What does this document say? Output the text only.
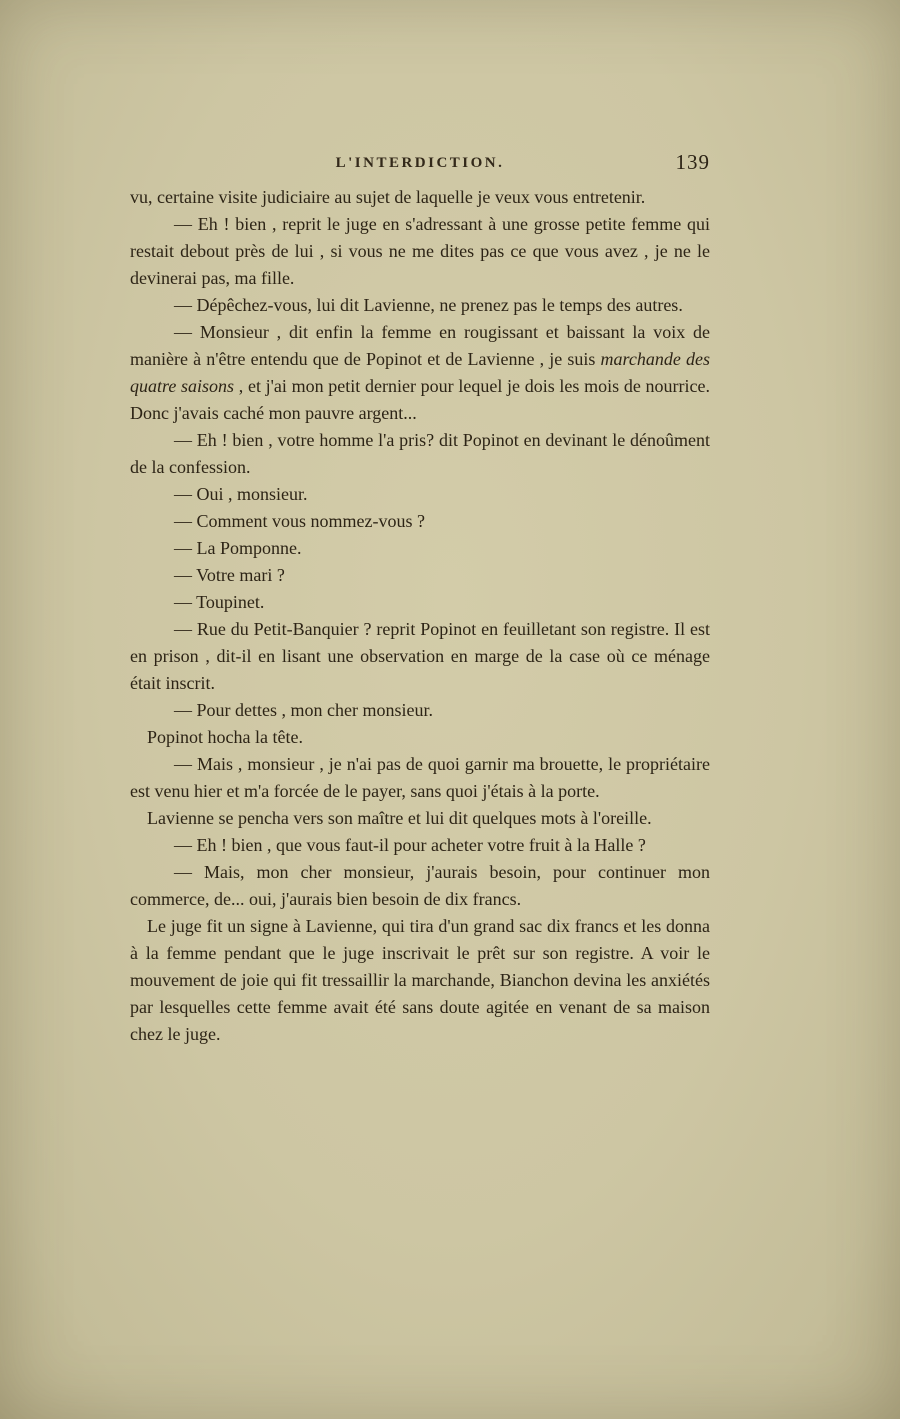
L'INTERDICTION.	139

vu, certaine visite judiciaire au sujet de laquelle je veux vous entretenir.

— Eh ! bien , reprit le juge en s'adressant à une grosse petite femme qui restait debout près de lui , si vous ne me dites pas ce que vous avez , je ne le devinerai pas, ma fille.

— Dépêchez-vous, lui dit Lavienne, ne prenez pas le temps des autres.

— Monsieur , dit enfin la femme en rougissant et baissant la voix de manière à n'être entendu que de Popinot et de Lavienne , je suis marchande des quatre saisons , et j'ai mon petit dernier pour lequel je dois les mois de nourrice. Donc j'avais caché mon pauvre argent...

— Eh ! bien , votre homme l'a pris? dit Popinot en devinant le dénoûment de la confession.

— Oui , monsieur.

— Comment vous nommez-vous ?

— La Pomponne.

— Votre mari ?

— Toupinet.

— Rue du Petit-Banquier ? reprit Popinot en feuilletant son registre. Il est en prison , dit-il en lisant une observation en marge de la case où ce ménage était inscrit.

— Pour dettes , mon cher monsieur.

Popinot hocha la tête.

— Mais , monsieur , je n'ai pas de quoi garnir ma brouette, le propriétaire est venu hier et m'a forcée de le payer, sans quoi j'étais à la porte.

Lavienne se pencha vers son maître et lui dit quelques mots à l'oreille.

— Eh ! bien , que vous faut-il pour acheter votre fruit à la Halle ?

— Mais, mon cher monsieur, j'aurais besoin, pour continuer mon commerce, de... oui, j'aurais bien besoin de dix francs.

Le juge fit un signe à Lavienne, qui tira d'un grand sac dix francs et les donna à la femme pendant que le juge inscrivait le prêt sur son registre. A voir le mouvement de joie qui fit tressaillir la marchande, Bianchon devina les anxiétés par lesquelles cette femme avait été sans doute agitée en venant de sa maison chez le juge.
